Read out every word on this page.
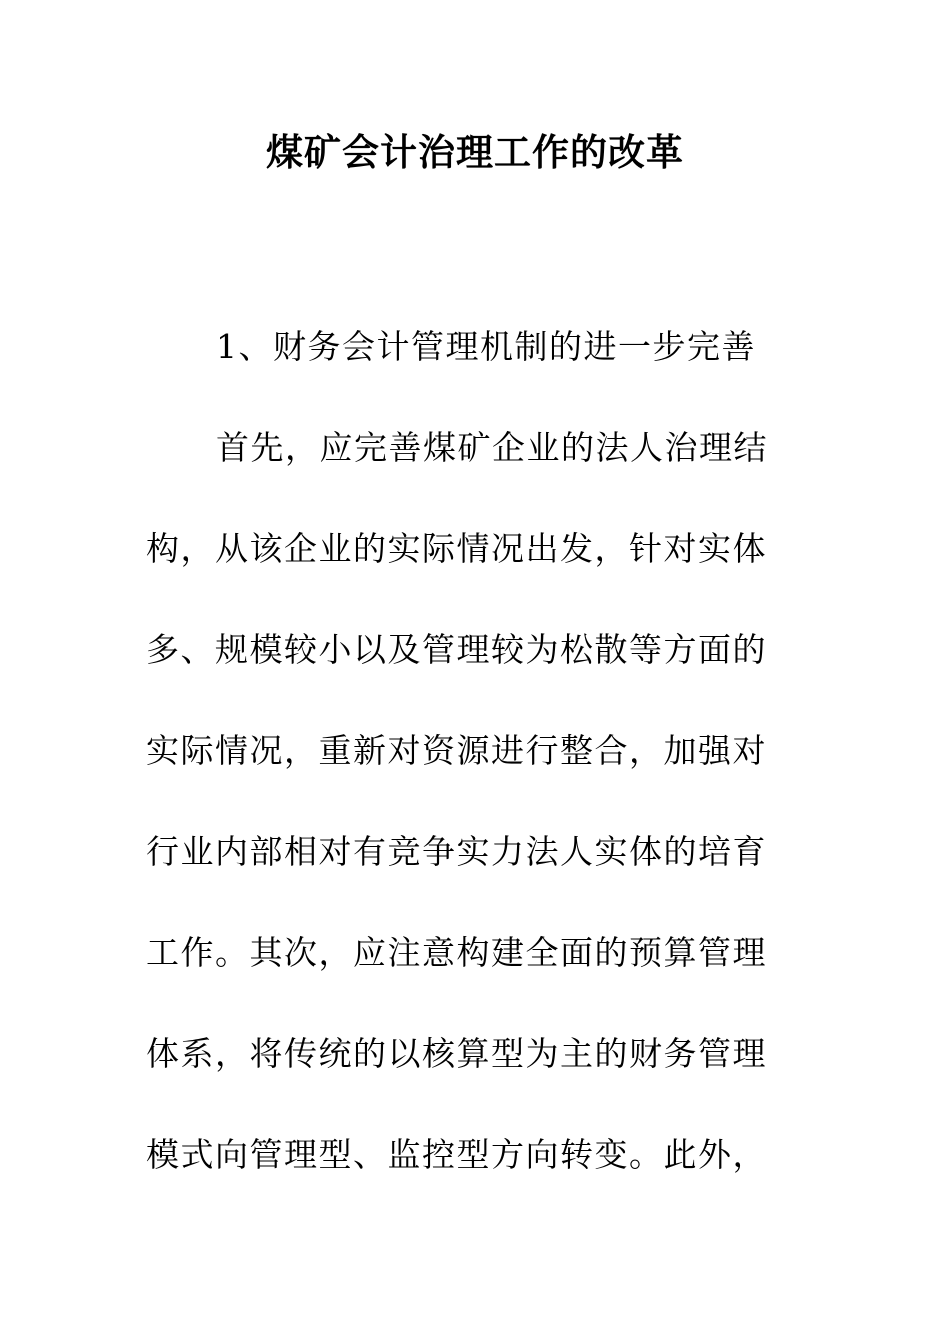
煤矿会计治理工作的改革
1、财务会计管理机制的进一步完善
首先，应完善煤矿企业的法人治理结
构，从该企业的实际情况出发，针对实体
多、规模较小以及管理较为松散等方面的
实际情况，重新对资源进行整合，加强对
行业内部相对有竞争实力法人实体的培育
工作。其次，应注意构建全面的预算管理
体系，将传统的以核算型为主的财务管理
模式向管理型、监控型方向转变。此外，
